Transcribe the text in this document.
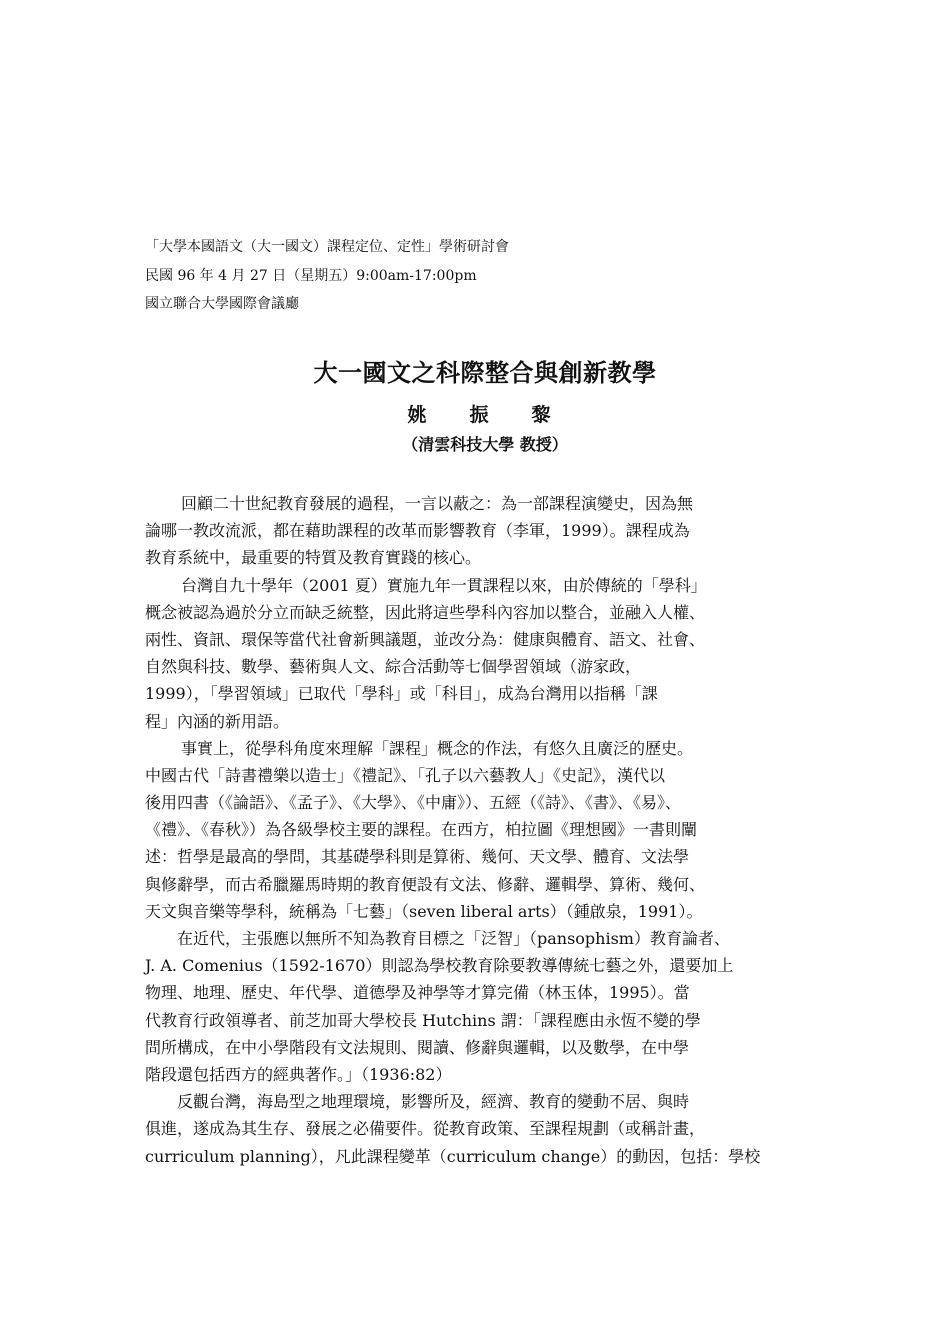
「大學本國語文（大一國文）課程定位、定性」學術研討會
民國 96 年 4 月 27 日（星期五）9:00am-17:00pm
國立聯合大學國際會議廳
大一國文之科際整合與創新教學
姚　振　黎
（清雲科技大學 教授）
回顧二十世紀教育發展的過程，一言以蔽之：為一部課程演變史，因為無
論哪一教改流派，都在藉助課程的改革而影響教育（李軍，1999）。課程成為
教育系統中，最重要的特質及教育實踐的核心。
台灣自九十學年（2001 夏）實施九年一貫課程以來，由於傳統的「學科」
概念被認為過於分立而缺乏統整，因此將這些學科內容加以整合，並融入人權、
兩性、資訊、環保等當代社會新興議題，並改分為：健康與體育、語文、社會、
自然與科技、數學、藝術與人文、綜合活動等七個學習領域（游家政，
1999），「學習領域」已取代「學科」或「科目」，成為台灣用以指稱「課
程」內涵的新用語。
事實上，從學科角度來理解「課程」概念的作法，有悠久且廣泛的歷史。
中國古代「詩書禮樂以造士」《禮記》、「孔子以六藝教人」《史記》，漢代以
後用四書（《論語》、《孟子》、《大學》、《中庸》）、五經（《詩》、《書》、《易》、
《禮》、《春秋》）為各級學校主要的課程。在西方，柏拉圖《理想國》一書則闡
述：哲學是最高的學問，其基礎學科則是算術、幾何、天文學、體育、文法學
與修辭學，而古希臘羅馬時期的教育便設有文法、修辭、邏輯學、算術、幾何、
天文與音樂等學科，統稱為「七藝」（seven liberal arts）（鍾啟泉，1991）。
在近代，主張應以無所不知為教育目標之「泛智」（pansophism）教育論者、
J. A. Comenius（1592-1670）則認為學校教育除要教導傳統七藝之外，還要加上
物理、地理、歷史、年代學、道德學及神學等才算完備（林玉体，1995）。當
代教育行政領導者、前芝加哥大學校長 Hutchins 謂：「課程應由永恆不變的學
問所構成，在中小學階段有文法規則、閱讀、修辭與邏輯，以及數學，在中學
階段還包括西方的經典著作。」（1936:82）
反觀台灣，海島型之地理環境，影響所及，經濟、教育的變動不居、與時
俱進，遂成為其生存、發展之必備要件。從教育政策、至課程規劃（或稱計畫，
curriculum planning），凡此課程變革（curriculum change）的動因，包括：學校
